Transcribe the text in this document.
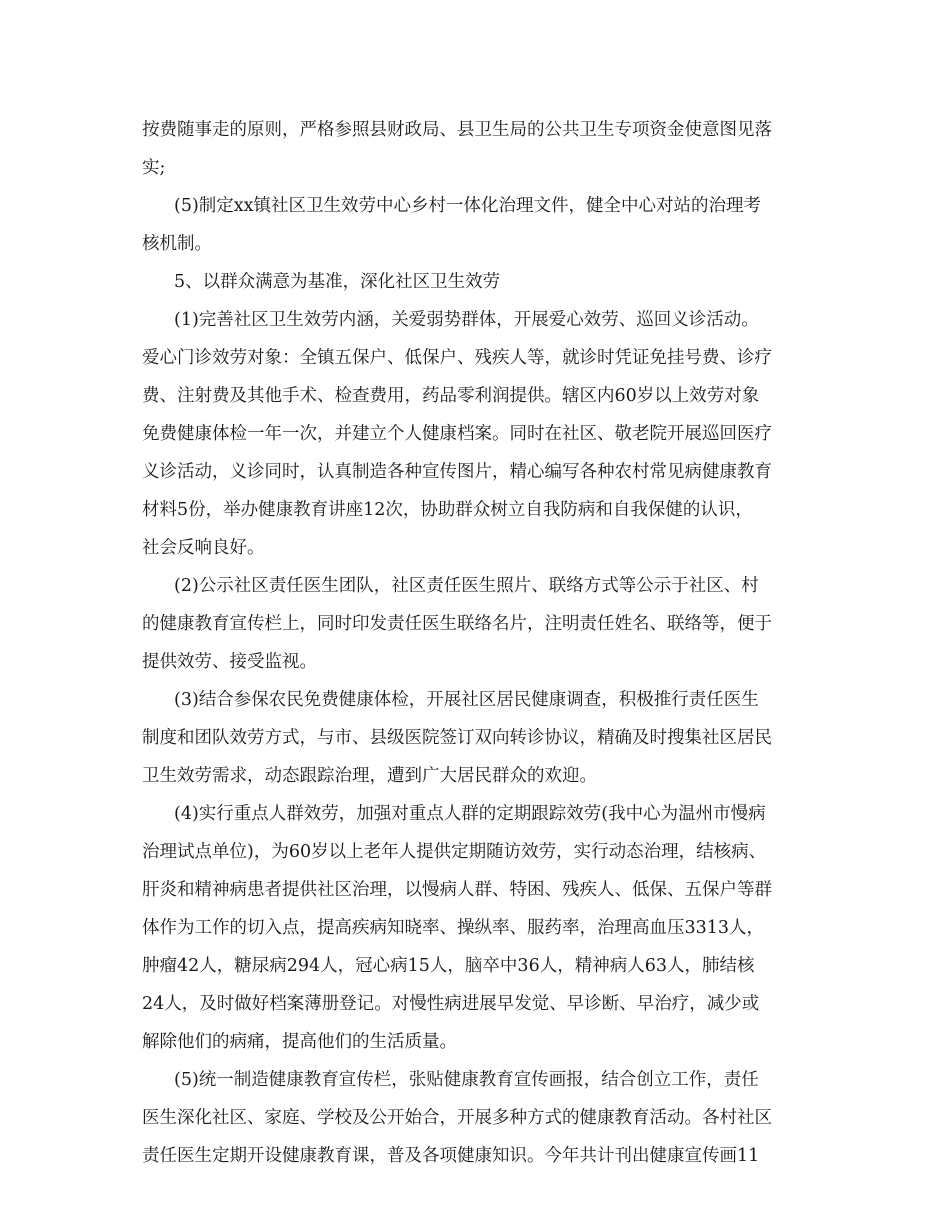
按费随事走的原则，严格参照县财政局、县卫生局的公共卫生专项资金使意图见落
实;
(5)制定xx镇社区卫生效劳中心乡村一体化治理文件，健全中心对站的治理考
核机制。
5、以群众满意为基准，深化社区卫生效劳
(1)完善社区卫生效劳内涵，关爱弱势群体，开展爱心效劳、巡回义诊活动。
爱心门诊效劳对象：全镇五保户、低保户、残疾人等，就诊时凭证免挂号费、诊疗
费、注射费及其他手术、检查费用，药品零利润提供。辖区内60岁以上效劳对象
免费健康体检一年一次，并建立个人健康档案。同时在社区、敬老院开展巡回医疗
义诊活动，义诊同时，认真制造各种宣传图片，精心编写各种农村常见病健康教育
材料5份，举办健康教育讲座12次，协助群众树立自我防病和自我保健的认识，
社会反响良好。
(2)公示社区责任医生团队，社区责任医生照片、联络方式等公示于社区、村
的健康教育宣传栏上，同时印发责任医生联络名片，注明责任姓名、联络等，便于
提供效劳、接受监视。
(3)结合参保农民免费健康体检，开展社区居民健康调查，积极推行责任医生
制度和团队效劳方式，与市、县级医院签订双向转诊协议，精确及时搜集社区居民
卫生效劳需求，动态跟踪治理，遭到广大居民群众的欢迎。
(4)实行重点人群效劳，加强对重点人群的定期跟踪效劳(我中心为温州市慢病
治理试点单位)，为60岁以上老年人提供定期随访效劳，实行动态治理，结核病、
肝炎和精神病患者提供社区治理，以慢病人群、特困、残疾人、低保、五保户等群
体作为工作的切入点，提高疾病知晓率、操纵率、服药率，治理高血压3313人，
肿瘤42人，糖尿病294人，冠心病15人，脑卒中36人，精神病人63人，肺结核
24人，及时做好档案薄册登记。对慢性病进展早发觉、早诊断、早治疗，减少或
解除他们的病痛，提高他们的生活质量。
(5)统一制造健康教育宣传栏，张贴健康教育宣传画报，结合创立工作，责任
医生深化社区、家庭、学校及公开始合，开展多种方式的健康教育活动。各村社区
责任医生定期开设健康教育课，普及各项健康知识。今年共计刊出健康宣传画11
